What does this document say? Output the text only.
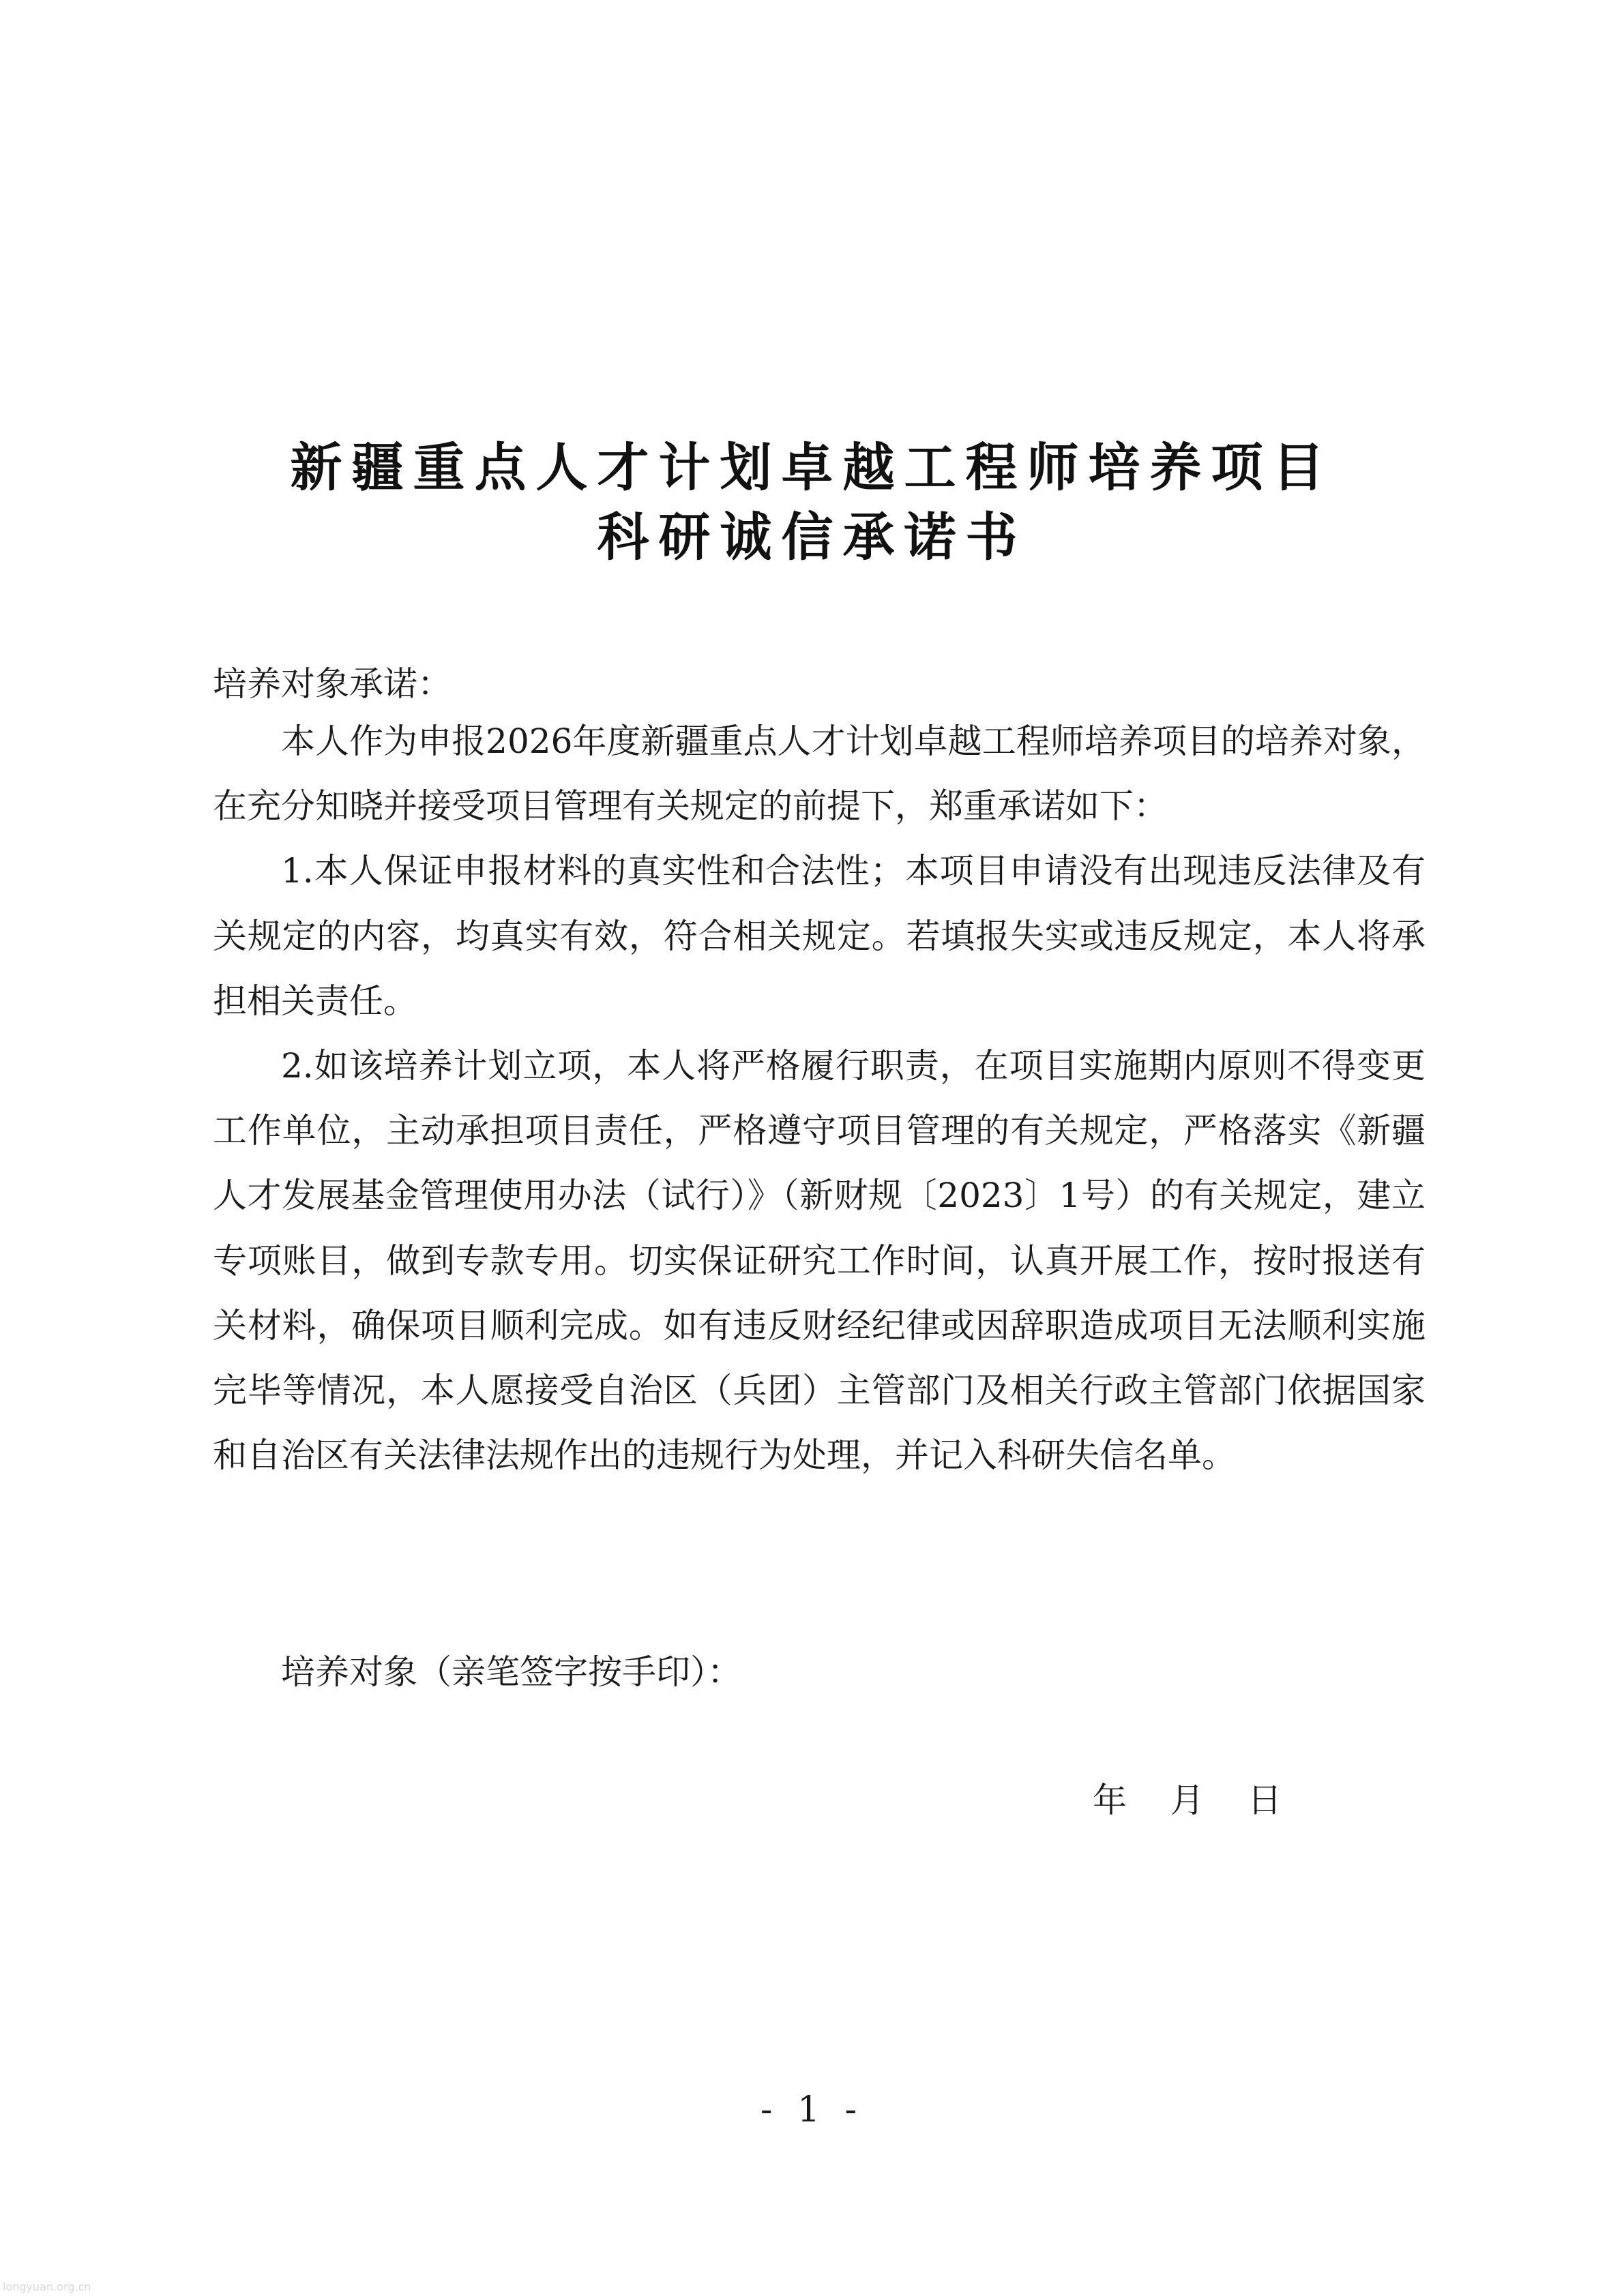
新疆重点人才计划卓越工程师培养项目
科研诚信承诺书
培养对象承诺：

本人作为申报2026年度新疆重点人才计划卓越工程师培养项目的培养对象，在充分知晓并接受项目管理有关规定的前提下，郑重承诺如下：

1.本人保证申报材料的真实性和合法性；本项目申请没有出现违反法律及有关规定的内容，均真实有效，符合相关规定。若填报失实或违反规定，本人将承担相关责任。

2.如该培养计划立项，本人将严格履行职责，在项目实施期内原则不得变更工作单位，主动承担项目责任，严格遵守项目管理的有关规定，严格落实《新疆人才发展基金管理使用办法（试行）》（新财规〔2023〕1号）的有关规定，建立专项账目，做到专款专用。切实保证研究工作时间，认真开展工作，按时报送有关材料，确保项目顺利完成。如有违反财经纪律或因辞职造成项目无法顺利实施完毕等情况，本人愿接受自治区（兵团）主管部门及相关行政主管部门依据国家和自治区有关法律法规作出的违规行为处理，并记入科研失信名单。

培养对象（亲笔签字按手印）：
年    月    日
- 1 -
longyuan.org.cn
